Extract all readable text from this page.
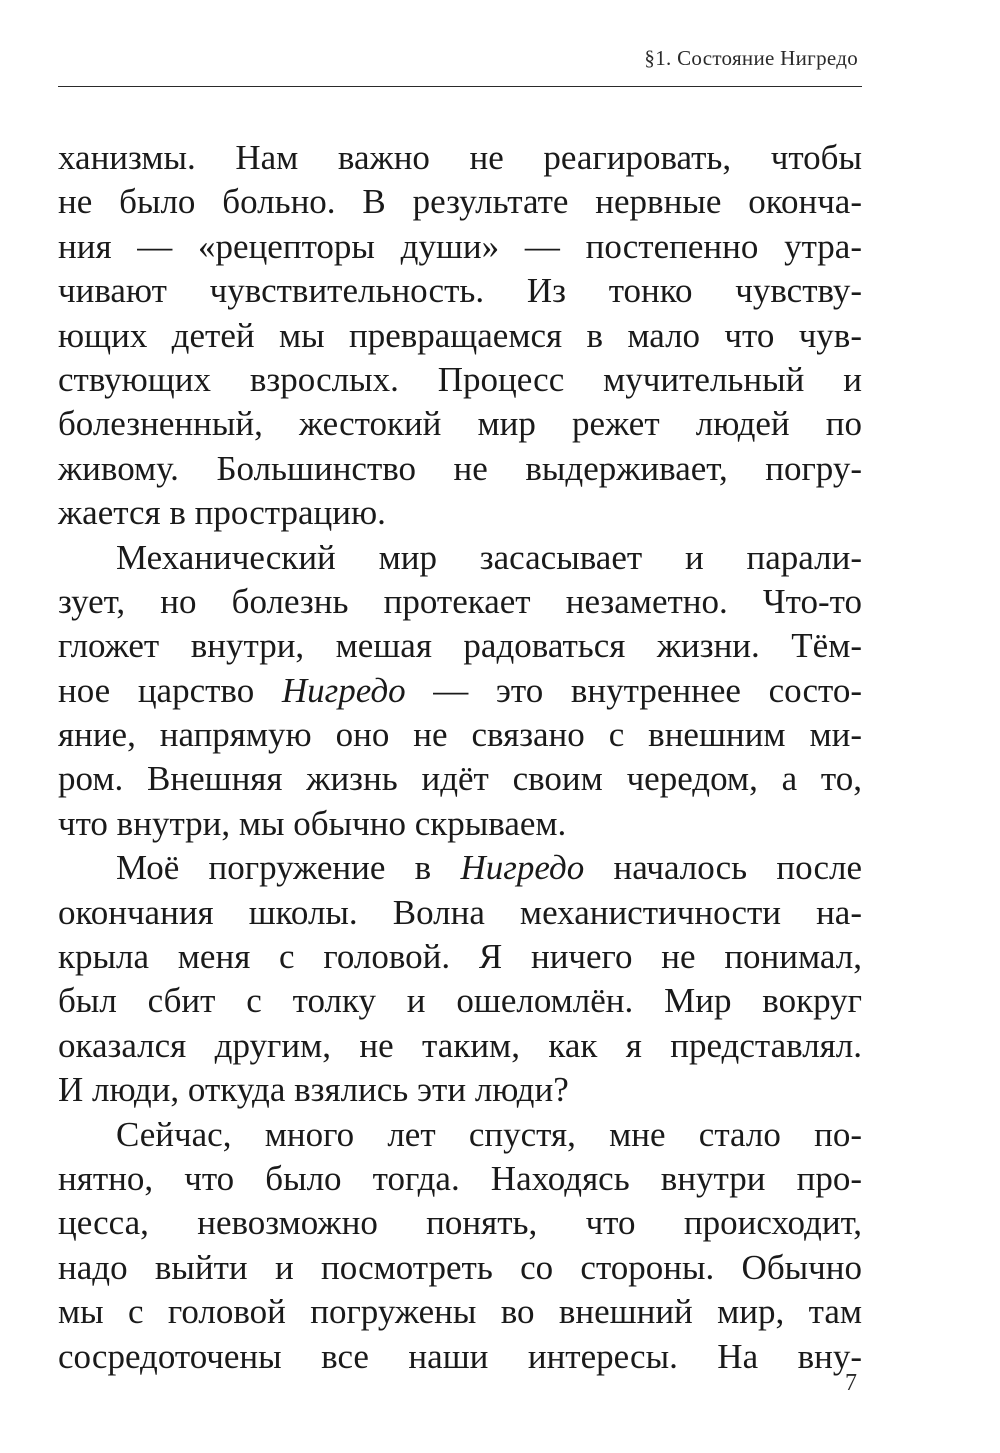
§1. Состояние Нигредо
ханизмы. Нам важно не реагировать, чтобы
не было больно. В результате нервные оконча-
ния — «рецепторы души» — постепенно утра-
чивают чувствительность. Из тонко чувству-
ющих детей мы превращаемся в мало что чув-
ствующих взрослых. Процесс мучительный и
болезненный, жестокий мир режет людей по
живому. Большинство не выдерживает, погру-
жается в прострацию.
Механический мир засасывает и парали-
зует, но болезнь протекает незаметно. Что-то
гложет внутри, мешая радоваться жизни. Тём-
ное царство Нигредо — это внутреннее состо-
яние, напрямую оно не связано с внешним ми-
ром. Внешняя жизнь идёт своим чередом, а то,
что внутри, мы обычно скрываем.
Моё погружение в Нигредо началось после
окончания школы. Волна механистичности на-
крыла меня с головой. Я ничего не понимал,
был сбит с толку и ошеломлён. Мир вокруг
оказался другим, не таким, как я представлял.
И люди, откуда взялись эти люди?
Сейчас, много лет спустя, мне стало по-
нятно, что было тогда. Находясь внутри про-
цесса, невозможно понять, что происходит,
надо выйти и посмотреть со стороны. Обычно
мы с головой погружены во внешний мир, там
сосредоточены все наши интересы. На вну-
7
